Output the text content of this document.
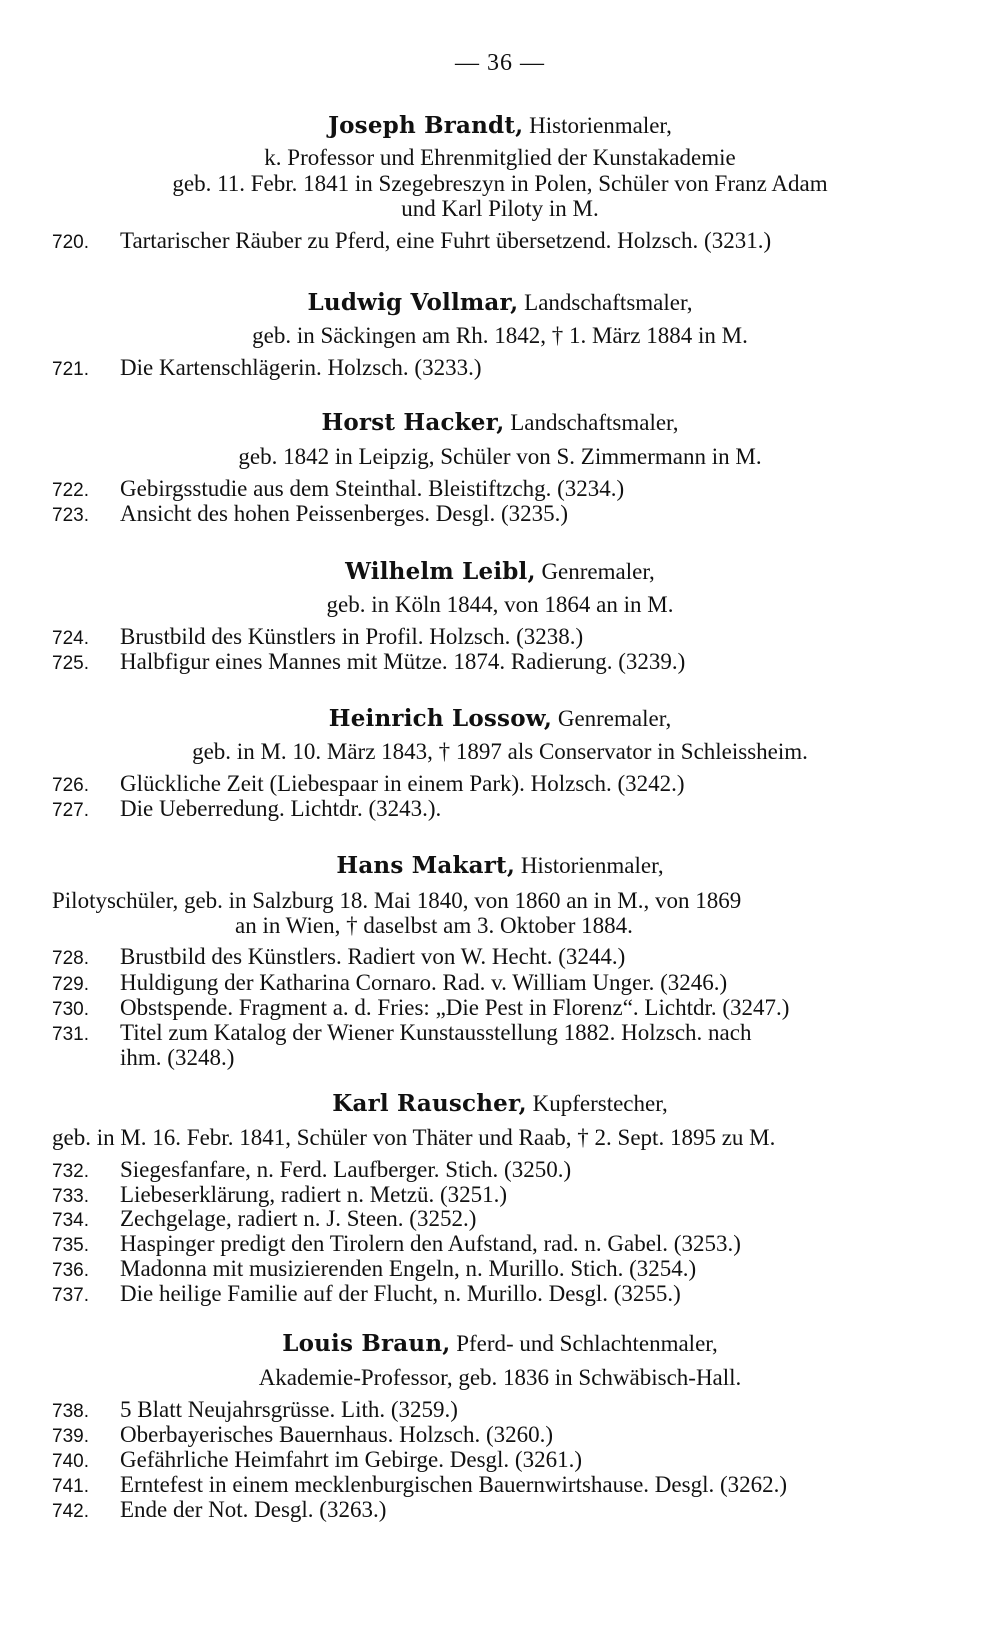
— 36 —
Joseph Brandt, Historienmaler,
k. Professor und Ehrenmitglied der Kunstakademie
geb. 11. Febr. 1841 in Szegebreszyn in Polen, Schüler von Franz Adam
und Karl Piloty in M.
720. Tartarischer Räuber zu Pferd, eine Fuhrt übersetzend. Holzsch. (3231.)
Ludwig Vollmar, Landschaftsmaler,
geb. in Säckingen am Rh. 1842, † 1. März 1884 in M.
721. Die Kartenschlägerin. Holzsch. (3233.)
Horst Hacker, Landschaftsmaler,
geb. 1842 in Leipzig, Schüler von S. Zimmermann in M.
722. Gebirgsstudie aus dem Steinthal. Bleistiftzchg. (3234.)
723. Ansicht des hohen Peissenberges. Desgl. (3235.)
Wilhelm Leibl, Genremaler,
geb. in Köln 1844, von 1864 an in M.
724. Brustbild des Künstlers in Profil. Holzsch. (3238.)
725. Halbfigur eines Mannes mit Mütze. 1874. Radierung. (3239.)
Heinrich Lossow, Genremaler,
geb. in M. 10. März 1843, † 1897 als Conservator in Schleissheim.
726. Glückliche Zeit (Liebespaar in einem Park). Holzsch. (3242.)
727. Die Ueberredung. Lichtdr. (3243.).
Hans Makart, Historienmaler,
Pilotyschüler, geb. in Salzburg 18. Mai 1840, von 1860 an in M., von 1869
an in Wien, † daselbst am 3. Oktober 1884.
728. Brustbild des Künstlers. Radiert von W. Hecht. (3244.)
729. Huldigung der Katharina Cornaro. Rad. v. William Unger. (3246.)
730. Obstspende. Fragment a. d. Fries: „Die Pest in Florenz“. Lichtdr. (3247.)
731. Titel zum Katalog der Wiener Kunstausstellung 1882. Holzsch. nach
ihm. (3248.)
Karl Rauscher, Kupferstecher,
geb. in M. 16. Febr. 1841, Schüler von Thäter und Raab, † 2. Sept. 1895 zu M.
732. Siegesfanfare, n. Ferd. Laufberger. Stich. (3250.)
733. Liebeserklärung, radiert n. Metzü. (3251.)
734. Zechgelage, radiert n. J. Steen. (3252.)
735. Haspinger predigt den Tirolern den Aufstand, rad. n. Gabel. (3253.)
736. Madonna mit musizierenden Engeln, n. Murillo. Stich. (3254.)
737. Die heilige Familie auf der Flucht, n. Murillo. Desgl. (3255.)
Louis Braun, Pferd- und Schlachtenmaler,
Akademie-Professor, geb. 1836 in Schwäbisch-Hall.
738. 5 Blatt Neujahrsgrüsse. Lith. (3259.)
739. Oberbayerisches Bauernhaus. Holzsch. (3260.)
740. Gefährliche Heimfahrt im Gebirge. Desgl. (3261.)
741. Erntefest in einem mecklenburgischen Bauernwirtshause. Desgl. (3262.)
742. Ende der Not. Desgl. (3263.)
